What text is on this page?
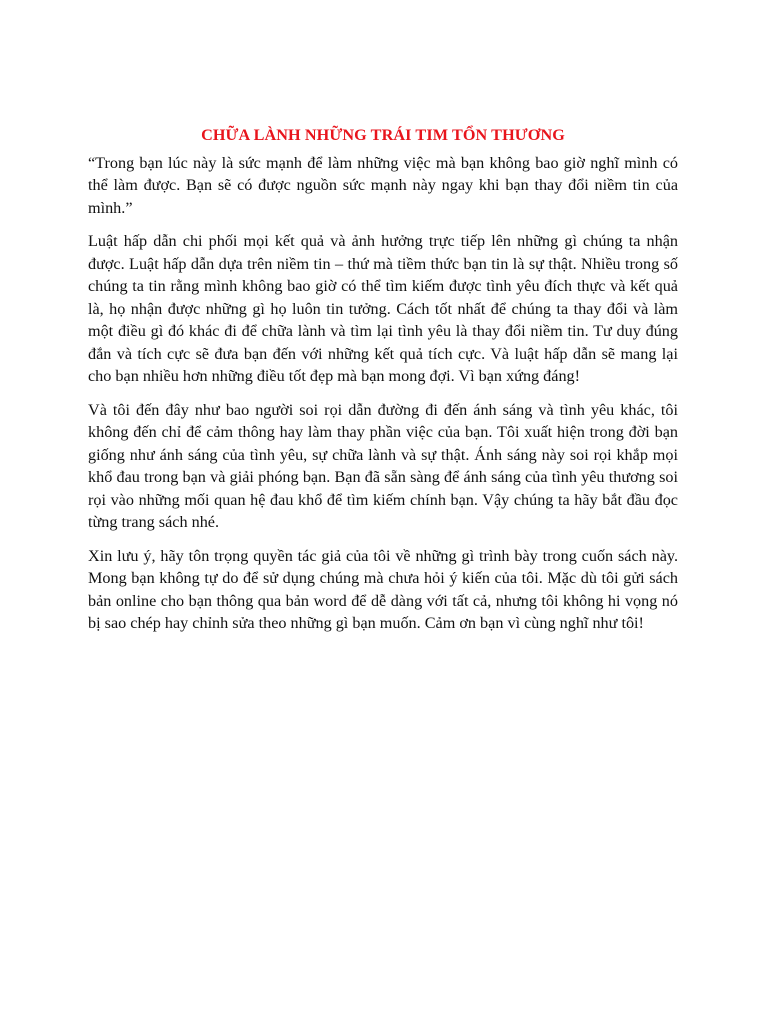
CHỮA LÀNH NHỮNG TRÁI TIM TỔN THƯƠNG

“Trong bạn lúc này là sức mạnh để làm những việc mà bạn không bao giờ nghĩ mình có thể làm được. Bạn sẽ có được nguồn sức mạnh này ngay khi bạn thay đổi niềm tin của mình.”

Luật hấp dẫn chi phối mọi kết quả và ảnh hưởng trực tiếp lên những gì chúng ta nhận được. Luật hấp dẫn dựa trên niềm tin – thứ mà tiềm thức bạn tin là sự thật. Nhiều trong số chúng ta tin rằng mình không bao giờ có thể tìm kiếm được tình yêu đích thực và kết quả là, họ nhận được những gì họ luôn tin tưởng. Cách tốt nhất để chúng ta thay đổi và làm một điều gì đó khác đi để chữa lành và tìm lại tình yêu là thay đổi niềm tin. Tư duy đúng đắn và tích cực sẽ đưa bạn đến với những kết quả tích cực. Và luật hấp dẫn sẽ mang lại cho bạn nhiều hơn những điều tốt đẹp mà bạn mong đợi. Vì bạn xứng đáng!

Và tôi đến đây như bao người soi rọi dẫn đường đi đến ánh sáng và tình yêu khác, tôi không đến chỉ để cảm thông hay làm thay phần việc của bạn. Tôi xuất hiện trong đời bạn giống như ánh sáng của tình yêu, sự chữa lành và sự thật. Ánh sáng này soi rọi khắp mọi khổ đau trong bạn và giải phóng bạn. Bạn đã sẵn sàng để ánh sáng của tình yêu thương soi rọi vào những mối quan hệ đau khổ để tìm kiếm chính bạn. Vậy chúng ta hãy bắt đầu đọc từng trang sách nhé.

Xin lưu ý, hãy tôn trọng quyền tác giả của tôi về những gì trình bày trong cuốn sách này. Mong bạn không tự do để sử dụng chúng mà chưa hỏi ý kiến của tôi. Mặc dù tôi gửi sách bản online cho bạn thông qua bản word để dễ dàng với tất cả, nhưng tôi không hi vọng nó bị sao chép hay chỉnh sửa theo những gì bạn muốn. Cảm ơn bạn vì cùng nghĩ như tôi!
